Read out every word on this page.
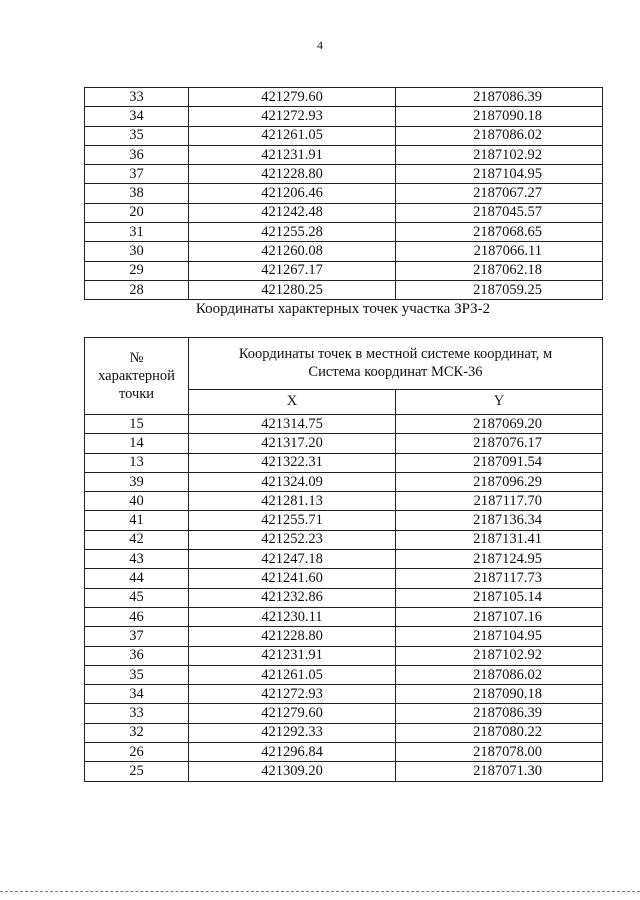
4
33	421279.60	2187086.39
34	421272.93	2187090.18
35	421261.05	2187086.02
36	421231.91	2187102.92
37	421228.80	2187104.95
38	421206.46	2187067.27
20	421242.48	2187045.57
31	421255.28	2187068.65
30	421260.08	2187066.11
29	421267.17	2187062.18
28	421280.25	2187059.25
Координаты характерных точек участка ЗРЗ-2
№ характерной точки	Координаты точек в местной системе координат, м
Система координат МСК-36	

	X	Y
15	421314.75	2187069.20
14	421317.20	2187076.17
13	421322.31	2187091.54
39	421324.09	2187096.29
40	421281.13	2187117.70
41	421255.71	2187136.34
42	421252.23	2187131.41
43	421247.18	2187124.95
44	421241.60	2187117.73
45	421232.86	2187105.14
46	421230.11	2187107.16
37	421228.80	2187104.95
36	421231.91	2187102.92
35	421261.05	2187086.02
34	421272.93	2187090.18
33	421279.60	2187086.39
32	421292.33	2187080.22
26	421296.84	2187078.00
25	421309.20	2187071.30
